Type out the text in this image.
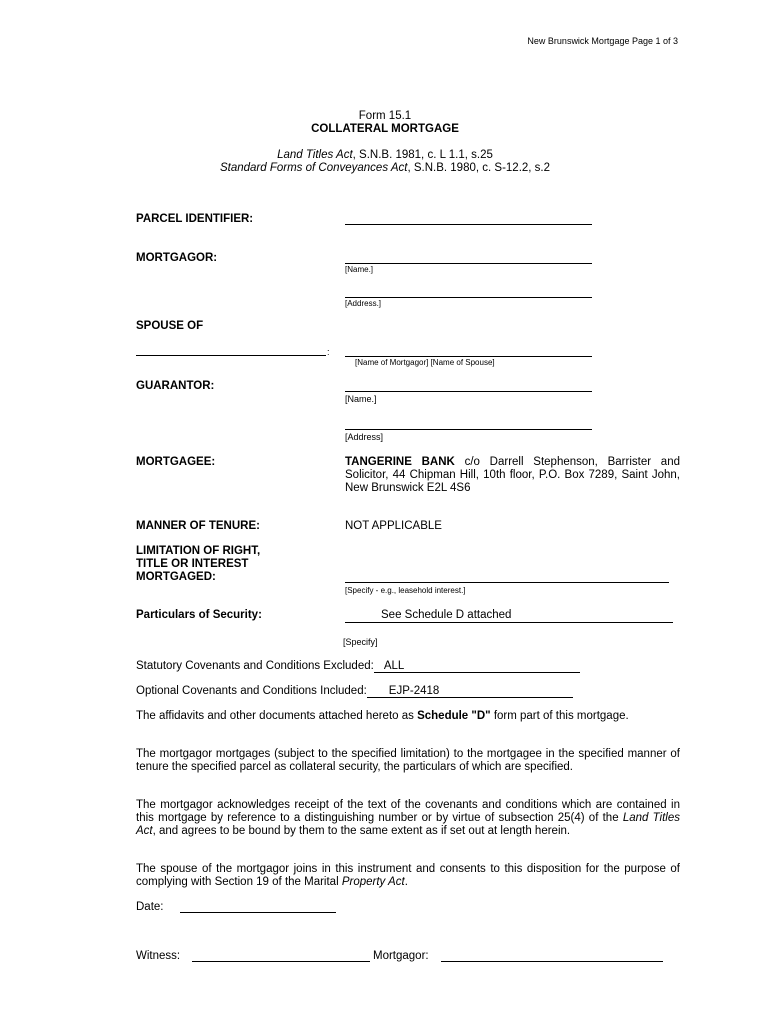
New Brunswick Mortgage Page 1 of 3
Form 15.1
COLLATERAL MORTGAGE
Land Titles Act, S.N.B. 1981, c. L 1.1, s.25
Standard Forms of Conveyances Act, S.N.B. 1980, c. S-12.2, s.2
PARCEL IDENTIFIER:
MORTGAGOR:
[Name.]
[Address.]
SPOUSE OF
:
[Name of Mortgagor] [Name of Spouse]
GUARANTOR:
[Name.]
[Address]
MORTGAGEE:	TANGERINE BANK c/o Darrell Stephenson, Barrister and Solicitor, 44 Chipman Hill, 10th floor, P.O. Box 7289, Saint John, New Brunswick E2L 4S6
MANNER OF TENURE:	NOT APPLICABLE
LIMITATION OF RIGHT,
TITLE OR INTEREST
MORTGAGED:
[Specify - e.g., leasehold interest.]
Particulars of Security:	See Schedule D attached
[Specify]
Statutory Covenants and Conditions Excluded: ALL
Optional Covenants and Conditions Included: EJP-2418
The affidavits and other documents attached hereto as Schedule "D" form part of this mortgage.
The mortgagor mortgages (subject to the specified limitation) to the mortgagee in the specified manner of tenure the specified parcel as collateral security, the particulars of which are specified.
The mortgagor acknowledges receipt of the text of the covenants and conditions which are contained in this mortgage by reference to a distinguishing number or by virtue of subsection 25(4) of the Land Titles Act, and agrees to be bound by them to the same extent as if set out at length herein.
The spouse of the mortgagor joins in this instrument and consents to this disposition for the purpose of complying with Section 19 of the Marital Property Act.
Date:
Witness:	Mortgagor:
